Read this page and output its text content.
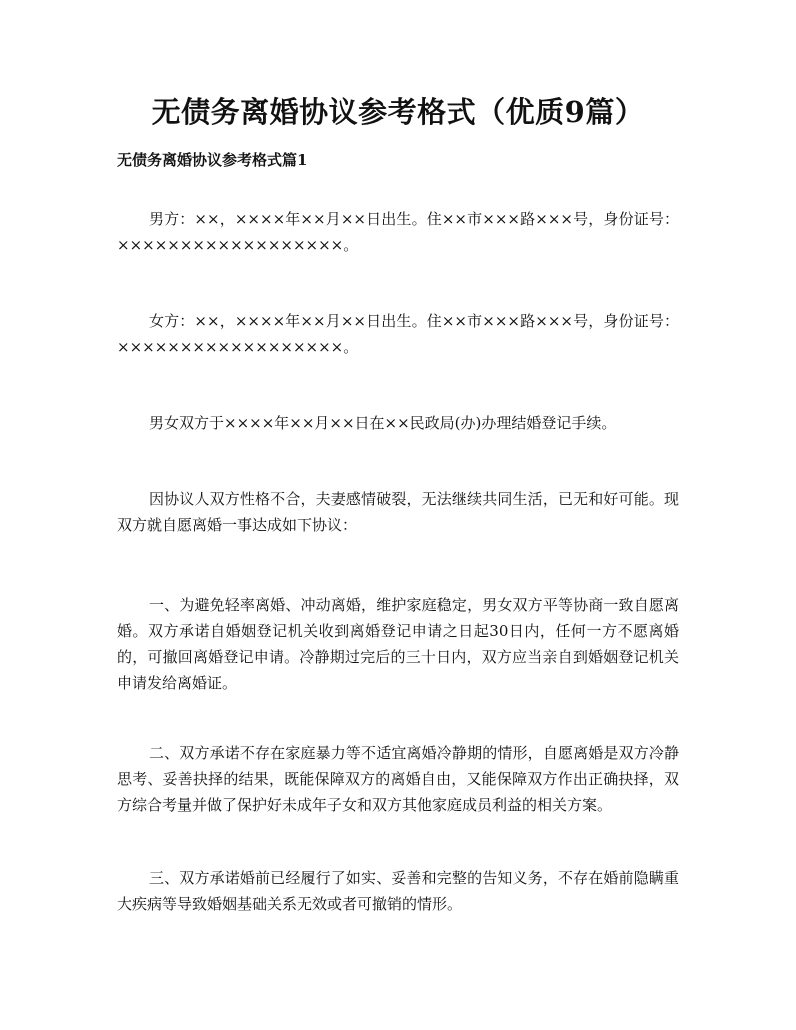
无债务离婚协议参考格式（优质9篇）
无债务离婚协议参考格式篇1

男方：××，××××年××月××日出生。住××市×××路×××号，身份证号：××××××××××××××××××。

女方：××，××××年××月××日出生。住××市×××路×××号，身份证号：××××××××××××××××××。

男女双方于××××年××月××日在××民政局(办)办理结婚登记手续。

因协议人双方性格不合，夫妻感情破裂，无法继续共同生活，已无和好可能。现双方就自愿离婚一事达成如下协议：

一、为避免轻率离婚、冲动离婚，维护家庭稳定，男女双方平等协商一致自愿离婚。双方承诺自婚姻登记机关收到离婚登记申请之日起30日内，任何一方不愿离婚的，可撤回离婚登记申请。冷静期过完后的三十日内，双方应当亲自到婚姻登记机关申请发给离婚证。

二、双方承诺不存在家庭暴力等不适宜离婚冷静期的情形，自愿离婚是双方冷静思考、妥善抉择的结果，既能保障双方的离婚自由，又能保障双方作出正确抉择，双方综合考量并做了保护好未成年子女和双方其他家庭成员利益的相关方案。

三、双方承诺婚前已经履行了如实、妥善和完整的告知义务，不存在婚前隐瞒重大疾病等导致婚姻基础关系无效或者可撤销的情形。
